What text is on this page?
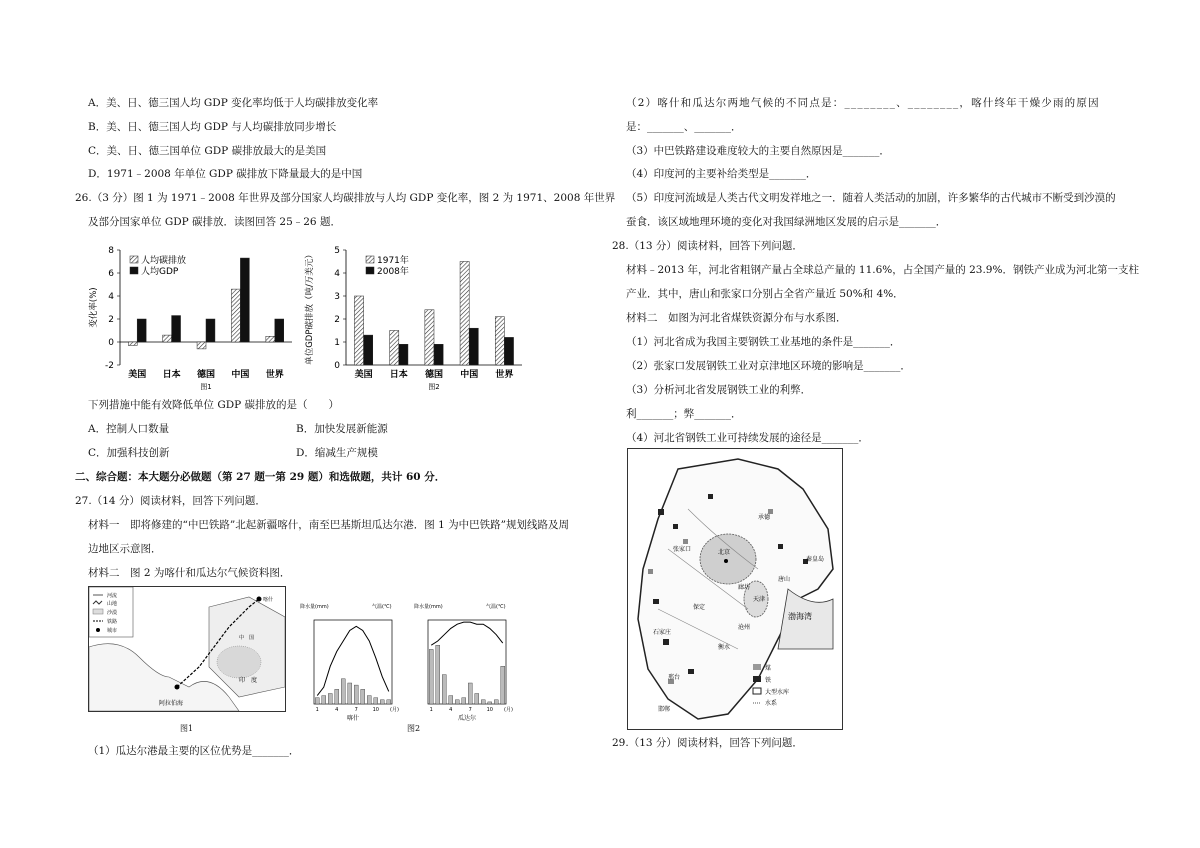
A．美、日、德三国人均 GDP 变化率均低于人均碳排放变化率
B．美、日、德三国人均 GDP 与人均碳排放同步增长
C．美、日、德三国单位 GDP 碳排放最大的是美国
D．1971﹣2008 年单位 GDP 碳排放下降量最大的是中国
26.（3 分）图 1 为 1971﹣2008 年世界及部分国家人均碳排放与人均 GDP 变化率，图 2 为 1971、2008 年世界
及部分国家单位 GDP 碳排放．读图回答 25﹣26 题．
-2
0
2
4
6
8
变化率(%)
美国 日本 德国 中国 世界
人均碳排放
人均GDP
图1
0
1
2
3
4
5
单位GDP碳排放（吨/万美元）
美国 日本 德国 中国 世界
1971年
2008年
图2
下列措施中能有效降低单位 GDP 碳排放的是（　　）
A．控制人口数量	B．加快发展新能源
C．加强科技创新	D．缩减生产规模
二、综合题：本大题分必做题（第 27 题一第 29 题）和选做题，共计 60 分．
27.（14 分）阅读材料，回答下列问题．
材料一　即将修建的“中巴铁路”北起新疆喀什，南至巴基斯坦瓜达尔港．图 1 为中巴铁路”规划线路及周
边地区示意图．
材料二　图 2 为喀什和瓜达尔气候资料图．
河流
山地
沙漠
铁路
城市
喀什
中　国
印　度
阿拉伯海
图1
降水量(mm)	气温(℃)
1	4	7	10 (月)
喀什
降水量(mm)	气温(℃)
1	4	7	10 (月)
瓜达尔
图2
（1）瓜达尔港最主要的区位优势是_______．
（2）喀什和瓜达尔两地气候的不同点是：________、________，喀什终年干燥少雨的原因
是：_______、_______．
（3）中巴铁路建设难度较大的主要自然原因是_______．
（4）印度河的主要补给类型是_______．
（5）印度河流域是人类古代文明发祥地之一．随着人类活动的加剧，许多繁华的古代城市不断受到沙漠的
蚕食．该区域地理环境的变化对我国绿洲地区发展的启示是_______．
28.（13 分）阅读材料，回答下列问题．
材料﹣2013 年，河北省粗钢产量占全球总产量的 11.6%，占全国产量的 23.9%．钢铁产业成为河北第一支柱
产业．其中，唐山和张家口分别占全省产量近 50%和 4%．
材料二　如图为河北省煤铁资源分布与水系图．
（1）河北省成为我国主要钢铁工业基地的条件是_______．
（2）张家口发展钢铁工业对京津地区环境的影响是_______．
（3）分析河北省发展钢铁工业的利弊．
利_______；弊_______．
（4）河北省钢铁工业可持续发展的途径是_______．
北京
天津
唐山
张家口
承德
秦皇岛
廊坊
保定
石家庄
衡水
沧州
邢台
邯郸
渤海湾
煤
铁
大型水库
水系
29.（13 分）阅读材料，回答下列问题．
